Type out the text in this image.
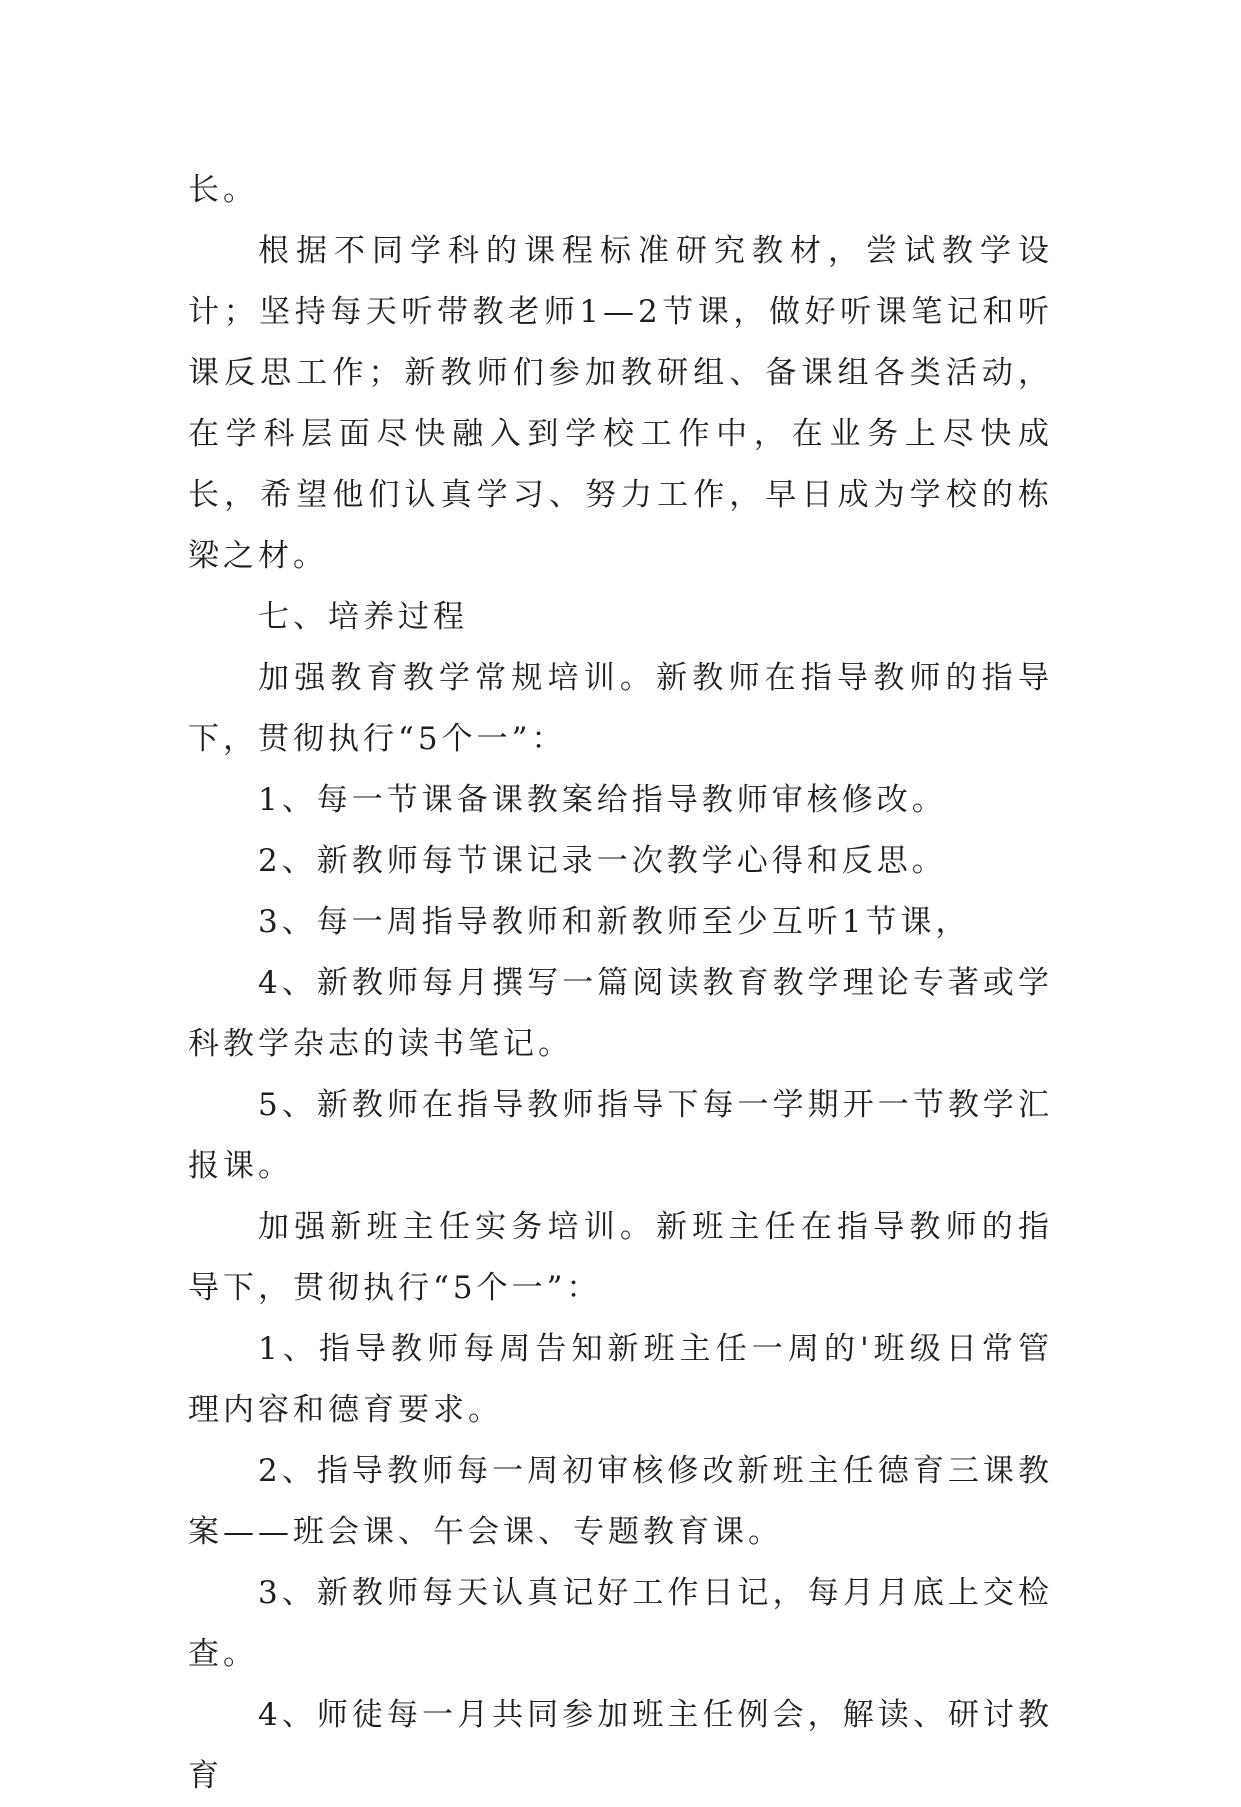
长。

根据不同学科的课程标准研究教材，尝试教学设计；坚持每天听带教老师1—2节课，做好听课笔记和听课反思工作；新教师们参加教研组、备课组各类活动，在学科层面尽快融入到学校工作中，在业务上尽快成长，希望他们认真学习、努力工作，早日成为学校的栋梁之材。

七、培养过程

加强教育教学常规培训。新教师在指导教师的指导下，贯彻执行“5个一”：

1、每一节课备课教案给指导教师审核修改。

2、新教师每节课记录一次教学心得和反思。

3、每一周指导教师和新教师至少互听1节课，

4、新教师每月撰写一篇阅读教育教学理论专著或学科教学杂志的读书笔记。

5、新教师在指导教师指导下每一学期开一节教学汇报课。

加强新班主任实务培训。新班主任在指导教师的指导下，贯彻执行“5个一”：

1、指导教师每周告知新班主任一周的'班级日常管理内容和德育要求。

2、指导教师每一周初审核修改新班主任德育三课教案——班会课、午会课、专题教育课。

3、新教师每天认真记好工作日记，每月月底上交检查。

4、师徒每一月共同参加班主任例会，解读、研讨教育
